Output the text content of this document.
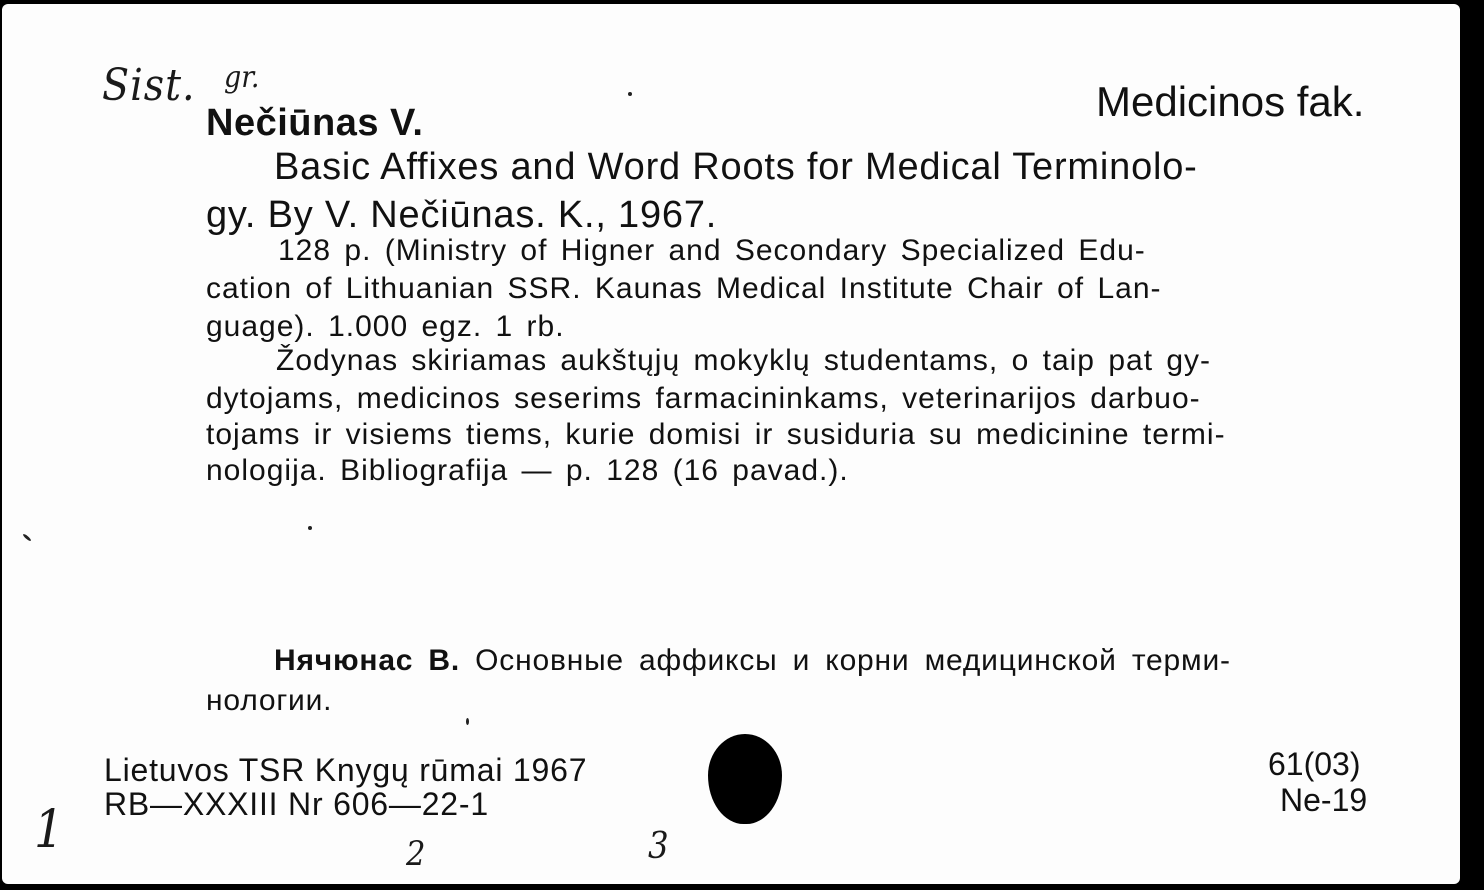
Sist. gr.
Medicinos fak.
Nečiūnas V.
Basic Affixes and Word Roots for Medical Terminolo-
gy. By V. Nečiūnas. K., 1967.
128 p. (Ministry of Higner and Secondary Specialized Edu-
cation of Lithuanian SSR. Kaunas Medical Institute Chair of Lan-
guage). 1.000 egz. 1 rb.
Žodynas skiriamas aukštųjų mokyklų studentams, o taip pat gy-
dytojams, medicinos seserims farmacininkams, veterinarijos darbuo-
tojams ir visiems tiems, kurie domisi ir susiduria su medicinine termi-
nologija. Bibliografija — p. 128 (16 pavad.).
Нячюнас В. Основные аффиксы и корни медицинской терми-
нологии.
Lietuvos TSR Knygų rūmai 1967
RB—XXXIII Nr 606—22-1
61(03)
Ne-19
1	2	3
